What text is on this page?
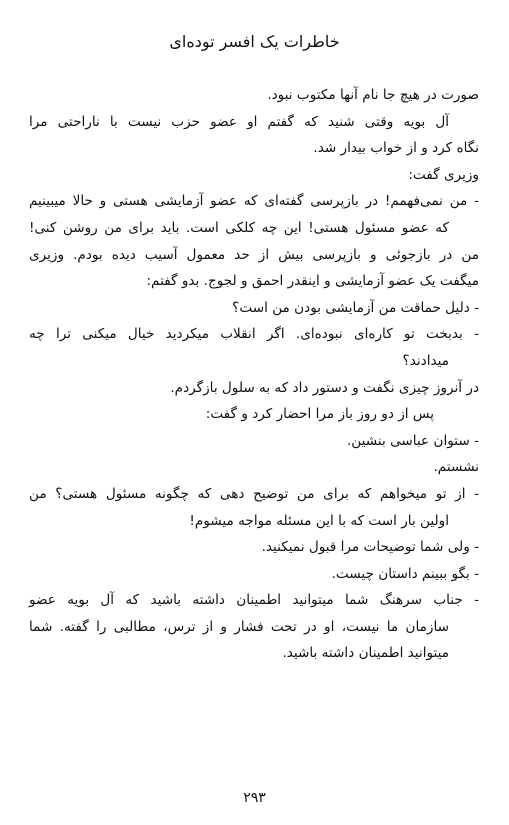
خاطرات یک افسر توده‌ای
صورت در هیچ جا نام آنها مکتوب نبود.
آل بویه وقتی شنید که گفتم او عضو حزب نیست با ناراحتی مرا
نگاه کرد و از خواب بیدار شد.
وزیری گفت:
- من نمی‌فهمم! در بازپرسی گفته‌ای که عضو آزمایشی هستی و حالا میبینیم
که عضو مسئول هستی! این چه کلکی است. باید برای من روشن کنی!
من در بازجوئی و بازپرسی بیش از حد معمول آسیب دیده بودم. وزیری
میگفت یک عضو آزمایشی و اینقدر احمق و لجوج. بدو گفتم:
- دلیل حماقت من آزمایشی بودن من است؟
- بدبخت تو کاره‌ای نبوده‌ای. اگر انقلاب میکردید خیال میکنی ترا چه
میدادند؟
در آنروز چیزی نگفت و دستور داد که به سلول بازگردم.
پس از دو روز باز مرا احضار کرد و گفت:
- ستوان عباسی بنشین.
نشستم.
- از تو میخواهم که برای من توضیح دهی که چگونه مسئول هستی؟ من
اولین بار است که با این مسئله مواجه میشوم!
- ولی شما توضیحات مرا قبول نمیکنید.
- بگو ببینم داستان چیست.
- جناب سرهنگ شما میتوانید اطمینان داشته باشید که آل بویه عضو
سازمان ما نیست، او در تحت فشار و از ترس، مطالبی را گفته. شما
میتوانید اطمینان داشته باشید.
۲۹۳
